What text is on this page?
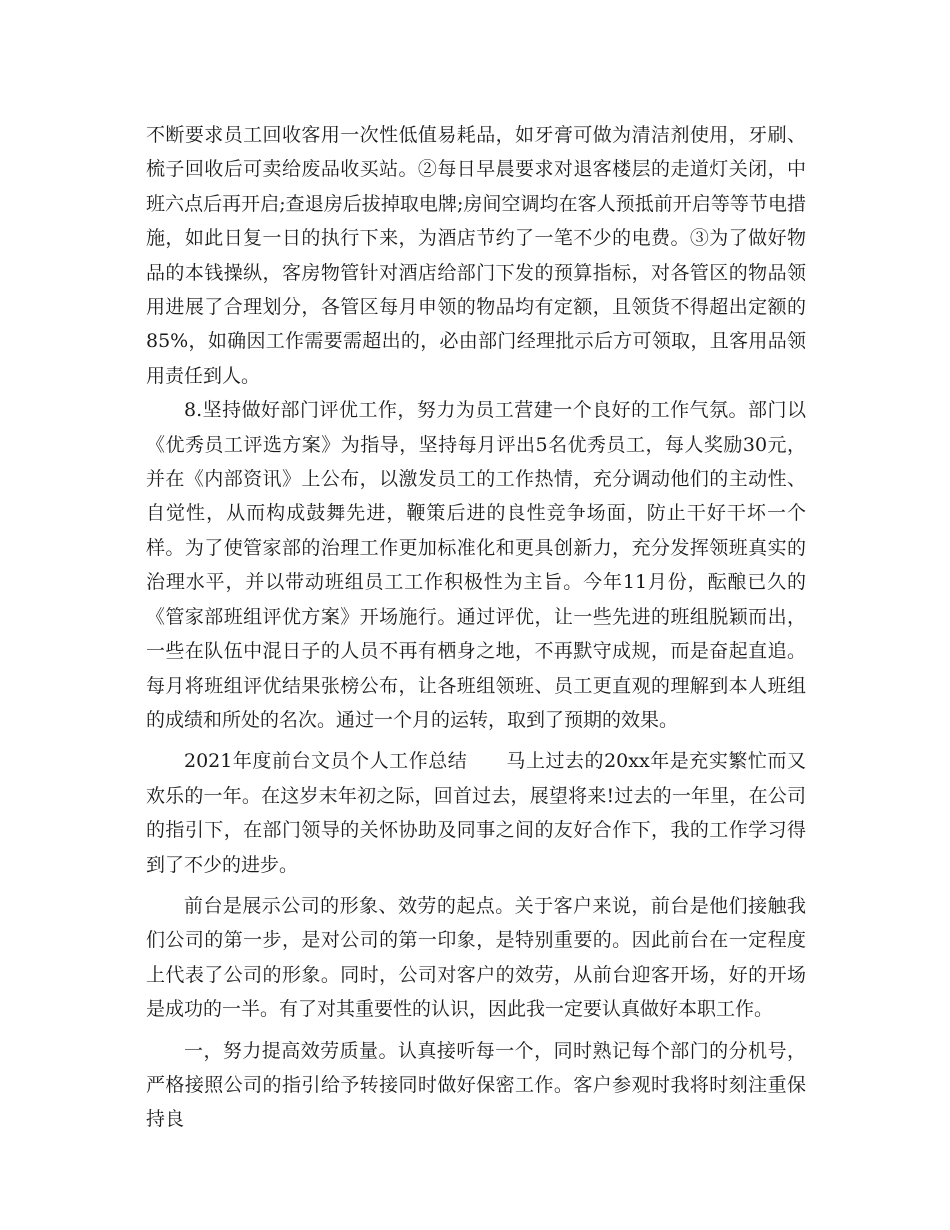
不断要求员工回收客用一次性低值易耗品，如牙膏可做为清洁剂使用，牙刷、梳子回收后可卖给废品收买站。②每日早晨要求对退客楼层的走道灯关闭，中班六点后再开启;查退房后拔掉取电牌;房间空调均在客人预抵前开启等等节电措施，如此日复一日的执行下来，为酒店节约了一笔不少的电费。③为了做好物品的本钱操纵，客房物管针对酒店给部门下发的预算指标，对各管区的物品领用进展了合理划分，各管区每月申领的物品均有定额，且领货不得超出定额的85%，如确因工作需要需超出的，必由部门经理批示后方可领取，且客用品领用责任到人。

8.坚持做好部门评优工作，努力为员工营建一个良好的工作气氛。部门以《优秀员工评选方案》为指导，坚持每月评出5名优秀员工，每人奖励30元，并在《内部资讯》上公布，以激发员工的工作热情，充分调动他们的主动性、自觉性，从而构成鼓舞先进，鞭策后进的良性竞争场面，防止干好干坏一个样。为了使管家部的治理工作更加标准化和更具创新力，充分发挥领班真实的治理水平，并以带动班组员工工作积极性为主旨。今年11月份，酝酿已久的《管家部班组评优方案》开场施行。通过评优，让一些先进的班组脱颖而出，一些在队伍中混日子的人员不再有栖身之地，不再默守成规，而是奋起直追。每月将班组评优结果张榜公布，让各班组领班、员工更直观的理解到本人班组的成绩和所处的名次。通过一个月的运转，取到了预期的效果。

2021年度前台文员个人工作总结　　马上过去的20xx年是充实繁忙而又欢乐的一年。在这岁末年初之际，回首过去，展望将来!过去的一年里，在公司的指引下，在部门领导的关怀协助及同事之间的友好合作下，我的工作学习得到了不少的进步。

前台是展示公司的形象、效劳的起点。关于客户来说，前台是他们接触我们公司的第一步，是对公司的第一印象，是特别重要的。因此前台在一定程度上代表了公司的形象。同时，公司对客户的效劳，从前台迎客开场，好的开场是成功的一半。有了对其重要性的认识，因此我一定要认真做好本职工作。

一，努力提高效劳质量。认真接听每一个，同时熟记每个部门的分机号，严格接照公司的指引给予转接同时做好保密工作。客户参观时我将时刻注重保持良
